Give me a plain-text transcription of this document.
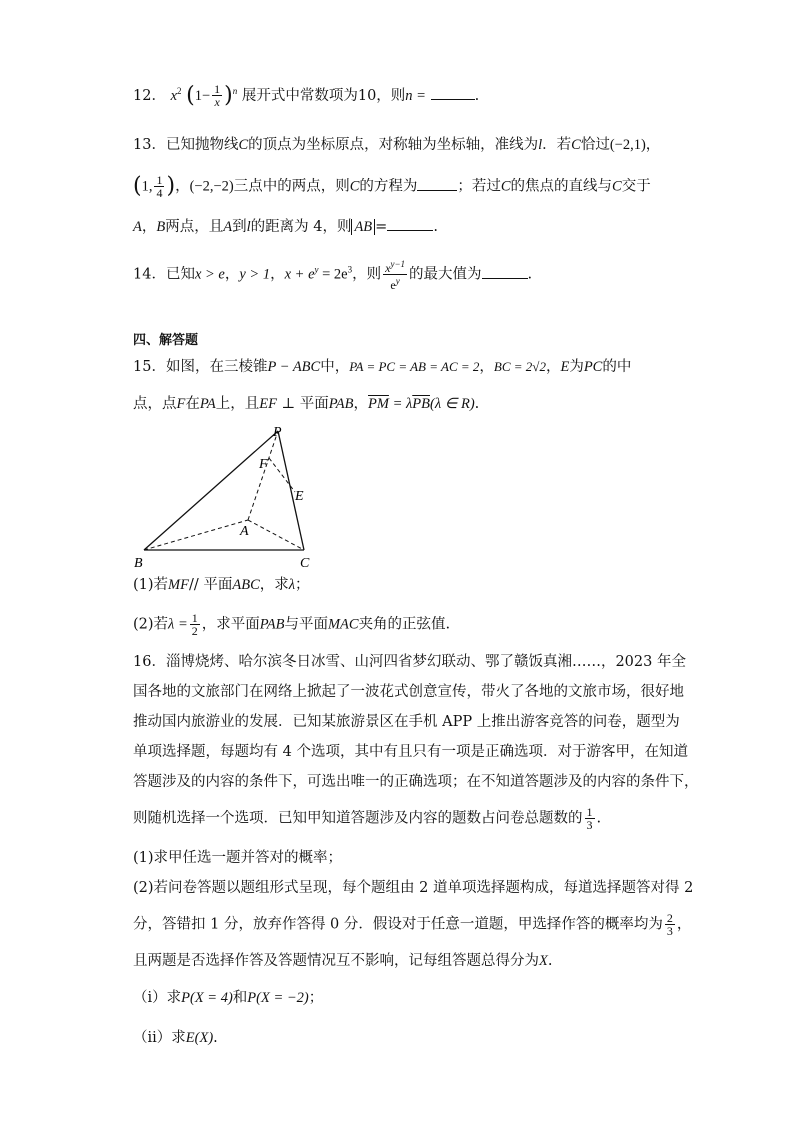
12． $x^2$ $(1- \frac{1}{x} )^n$ 展开式中常数项为10，则n =	.
13．已知抛物线C的顶点为坐标原点，对称轴为坐标轴，准线为l．若C恰过(−2,1)，
(1, $\frac{1}{4}$ )，(−2,−2)三点中的两点，则C的方程为	；若过C的焦点的直线与C交于
A，B两点，且A到l的距离为 4，则 AB =	.
14．已知x > e，y > 1，$x + e^y = 2e^3$，则 $\frac{x^{y-1}}{e^y}$ 的最大值为	.
四、解答题
15．如图，在三棱锥P − ABC中，PA = PC = AB = AC = 2，BC = 2√2，E为PC的中
点，点F在PA上，且EF ⊥ 平面PAB，$\overline{PM} = \lambda\overline{PB}(\lambda$ ∈ R).
P
F
E
A
B	C
(1)若MF// 平面ABC，求λ；
(2)若$\lambda = \frac{1}{2}$ ，求平面PAB与平面MAC夹角的正弦值.
16．淄博烧烤、哈尔滨冬日冰雪、山河四省梦幻联动、鄂了赣饭真湘……，2023 年全
国各地的文旅部门在网络上掀起了一波花式创意宣传，带火了各地的文旅市场，很好地
推动国内旅游业的发展．已知某旅游景区在手机 APP 上推出游客竞答的问卷，题型为
单项选择题，每题均有 4 个选项，其中有且只有一项是正确选项．对于游客甲，在知道
答题涉及的内容的条件下，可选出唯一的正确选项；在不知道答题涉及的内容的条件下，
则随机选择一个选项．已知甲知道答题涉及内容的题数占问卷总题数的 $\frac{1}{3}$ .
(1)求甲任选一题并答对的概率；
(2)若问卷答题以题组形式呈现，每个题组由 2 道单项选择题构成，每道选择题答对得 2
分，答错扣 1 分，放弃作答得 0 分．假设对于任意一道题，甲选择作答的概率均为 $\frac{2}{3}$ ，
且两题是否选择作答及答题情况互不影响，记每组答题总得分为X.
（i）求P(X = 4)和P(X = −2)；
（ii）求E(X).
